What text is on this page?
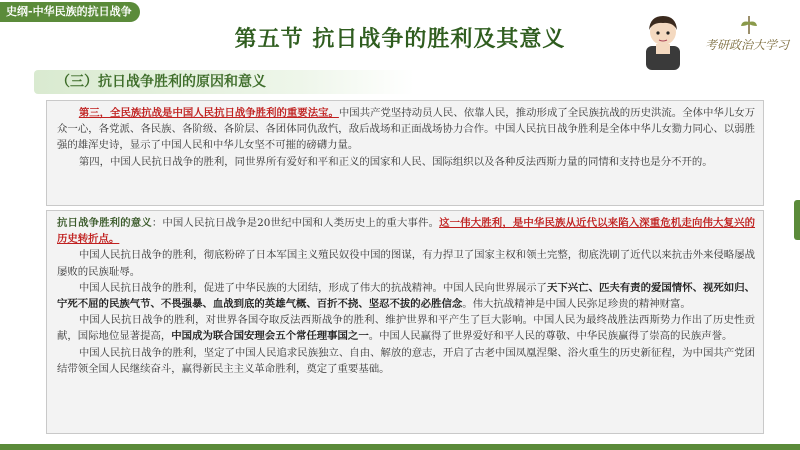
史纲-中华民族的抗日战争
第五节 抗日战争的胜利及其意义	考研政治大学习
（三）抗日战争胜利的原因和意义

第三，全民族抗战是中国人民抗日战争胜利的重要法宝。中国共产党坚持动员人民、依靠人民，推动形成了全民族抗战的历史洪流。全体中华儿女万众一心，各党派、各民族、各阶级、各阶层、各团体同仇敌忾，敌后战场和正面战场协力合作。中国人民抗日战争胜利是全体中华儿女勠力同心、以弱胜强的雄浑史诗，显示了中国人民和中华儿女坚不可摧的磅礴力量。

第四，中国人民抗日战争的胜利，同世界所有爱好和平和正义的国家和人民、国际组织以及各种反法西斯力量的同情和支持也是分不开的。

抗日战争胜利的意义：中国人民抗日战争是20世纪中国和人类历史上的重大事件。这一伟大胜利，是中华民族从近代以来陷入深重危机走向伟大复兴的历史转折点。

中国人民抗日战争的胜利，彻底粉碎了日本军国主义殖民奴役中国的图谋，有力捍卫了国家主权和领土完整，彻底洗刷了近代以来抗击外来侵略屡战屡败的民族耻辱。

中国人民抗日战争的胜利，促进了中华民族的大团结，形成了伟大的抗战精神。中国人民向世界展示了天下兴亡、匹夫有责的爱国情怀、视死如归、宁死不屈的民族气节、不畏强暴、血战到底的英雄气概、百折不挠、坚忍不拔的必胜信念。伟大抗战精神是中国人民弥足珍贵的精神财富。

中国人民抗日战争的胜利，对世界各国夺取反法西斯战争的胜利、维护世界和平产生了巨大影响。中国人民为最终战胜法西斯势力作出了历史性贡献，国际地位显著提高，中国成为联合国安理会五个常任理事国之一。中国人民赢得了世界爱好和平人民的尊敬、中华民族赢得了崇高的民族声誉。

中国人民抗日战争的胜利，坚定了中国人民追求民族独立、自由、解放的意志，开启了古老中国凤凰涅槃、浴火重生的历史新征程，为中国共产党团结带领全国人民继续奋斗，赢得新民主主义革命胜利，奠定了重要基础。
